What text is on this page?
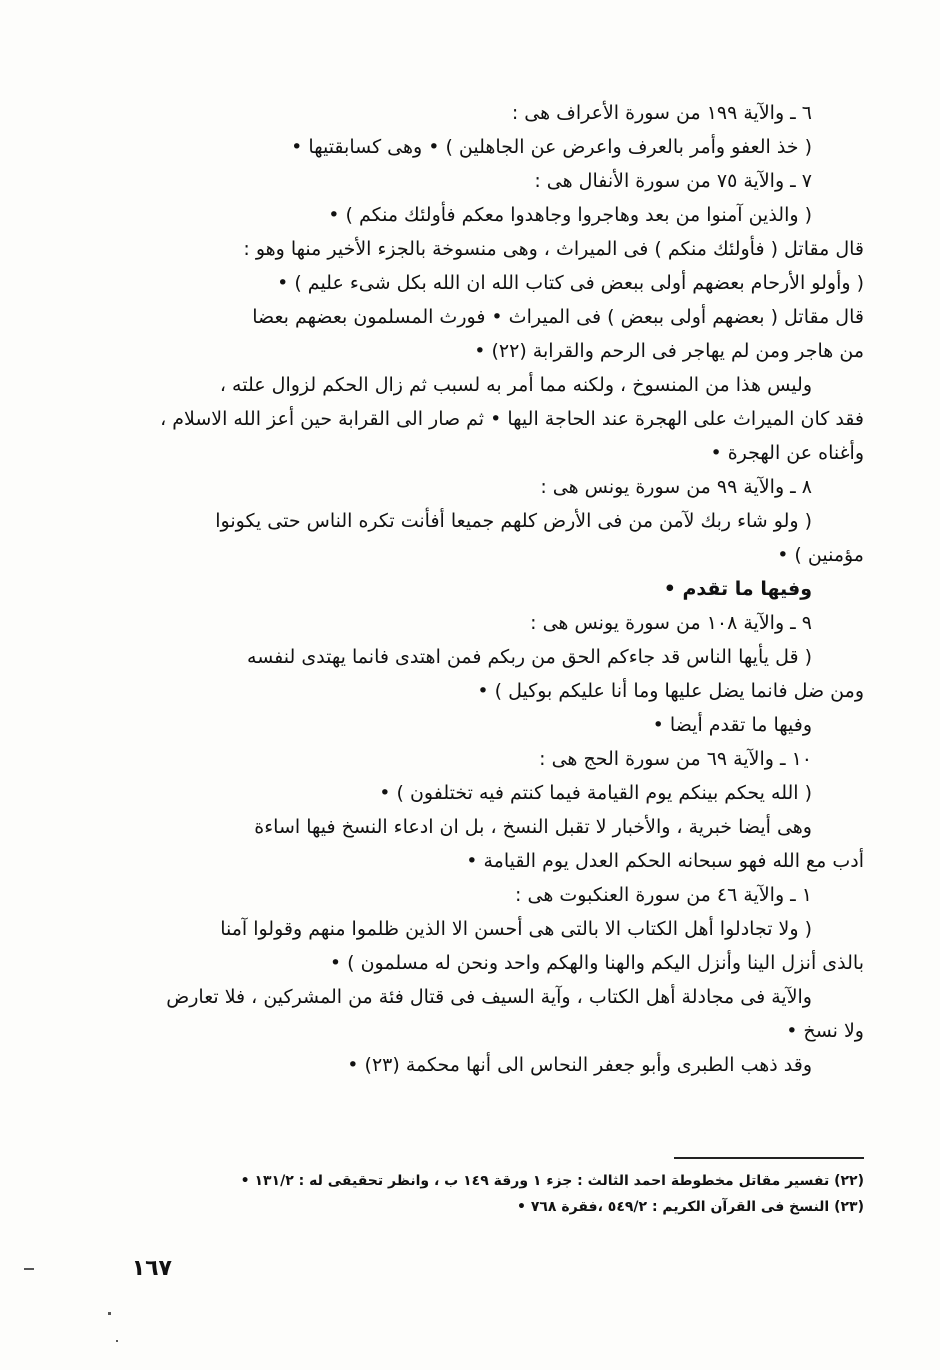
٦ ـ والآية ١٩٩ من سورة الأعراف هى :

( خذ العفو وأمر بالعرف واعرض عن الجاهلين ) • وهى كسابقتيها •

٧ ـ والآية ٧٥ من سورة الأنفال هى :

( والذين آمنوا من بعد وهاجروا وجاهدوا معكم فأولئك منكم ) •

قال مقاتل ( فأولئك منكم ) فى الميراث ، وهى منسوخة بالجزء الأخير منها وهو :

( وأولو الأرحام بعضهم أولى ببعض فى كتاب الله ان الله بكل شىء عليم ) •

قال مقاتل ( بعضهم أولى ببعض ) فى الميراث • فورث المسلمون بعضهم بعضا

من هاجر ومن لم يهاجر فى الرحم والقرابة (٢٢) •

وليس هذا من المنسوخ ، ولكنه مما أمر به لسبب ثم زال الحكم لزوال علته ،

فقد كان الميراث على الهجرة عند الحاجة اليها • ثم صار الى القرابة حين أعز الله الاسلام ،

وأغناه عن الهجرة •

٨ ـ والآية ٩٩ من سورة يونس هى :

( ولو شاء ربك لآمن من فى الأرض كلهم جميعا أفأنت تكره الناس حتى يكونوا

مؤمنين ) •

وفيها ما تقدم •

٩ ـ والآية ١٠٨ من سورة يونس هى :

( قل يأيها الناس قد جاءكم الحق من ربكم فمن اهتدى فانما يهتدى لنفسه

ومن ضل فانما يضل عليها وما أنا عليكم بوكيل ) •

وفيها ما تقدم أيضا •

١٠ ـ والآية ٦٩ من سورة الحج هى :

( الله يحكم بينكم يوم القيامة فيما كنتم فيه تختلفون ) •

وهى أيضا خبرية ، والأخبار لا تقبل النسخ ، بل ان ادعاء النسخ فيها اساءة

أدب مع الله فهو سبحانه الحكم العدل يوم القيامة •

١ ـ والآية ٤٦ من سورة العنكبوت هى :

( ولا تجادلوا أهل الكتاب الا بالتى هى أحسن الا الذين ظلموا منهم وقولوا آمنا

بالذى أنزل الينا وأنزل اليكم والهنا والهكم واحد ونحن له مسلمون ) •

والآية فى مجادلة أهل الكتاب ، وآية السيف فى قتال فئة من المشركين ، فلا تعارض

ولا نسخ •

وقد ذهب الطبرى وأبو جعفر النحاس الى أنها محكمة (٢٣) •

(٢٢) تفسير مقاتل مخطوطة احمد الثالث : جزء ١ ورقة ١٤٩ ب ، وانظر تحقيقى له : ١٣١/٢ •
(٢٣) النسخ فى القرآن الكريم : ٥٤٩/٢ ،فقرة ٧٦٨ •
١٦٧
